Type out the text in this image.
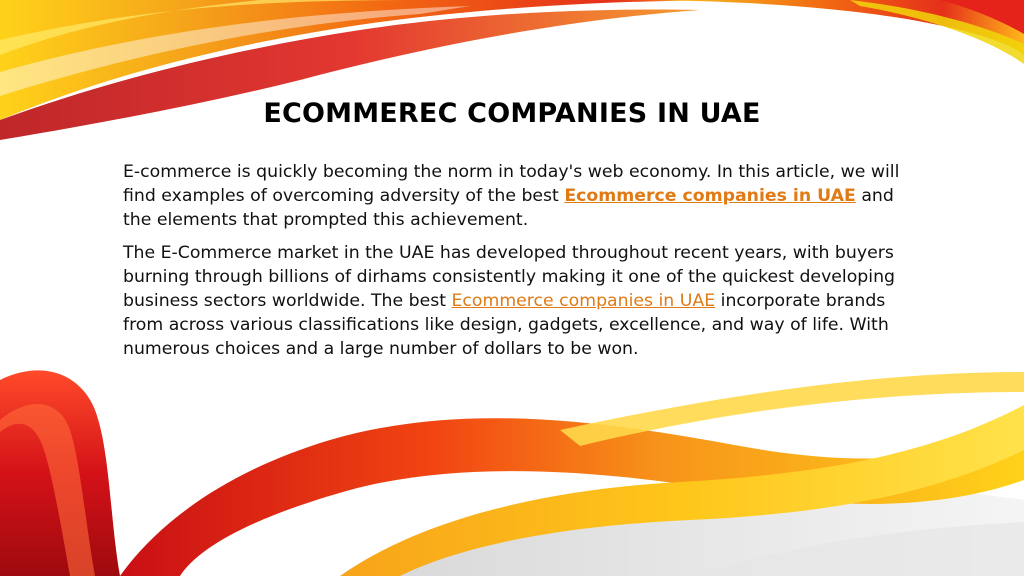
ECOMMEREC COMPANIES IN UAE

E-commerce is quickly becoming the norm in today's web economy. In this article, we will find examples of overcoming adversity of the best Ecommerce companies in UAE and the elements that prompted this achievement.

The E-Commerce market in the UAE has developed throughout recent years, with buyers burning through billions of dirhams consistently making it one of the quickest developing business sectors worldwide. The best Ecommerce companies in UAE incorporate brands from across various classifications like design, gadgets, excellence, and way of life. With numerous choices and a large number of dollars to be won.
